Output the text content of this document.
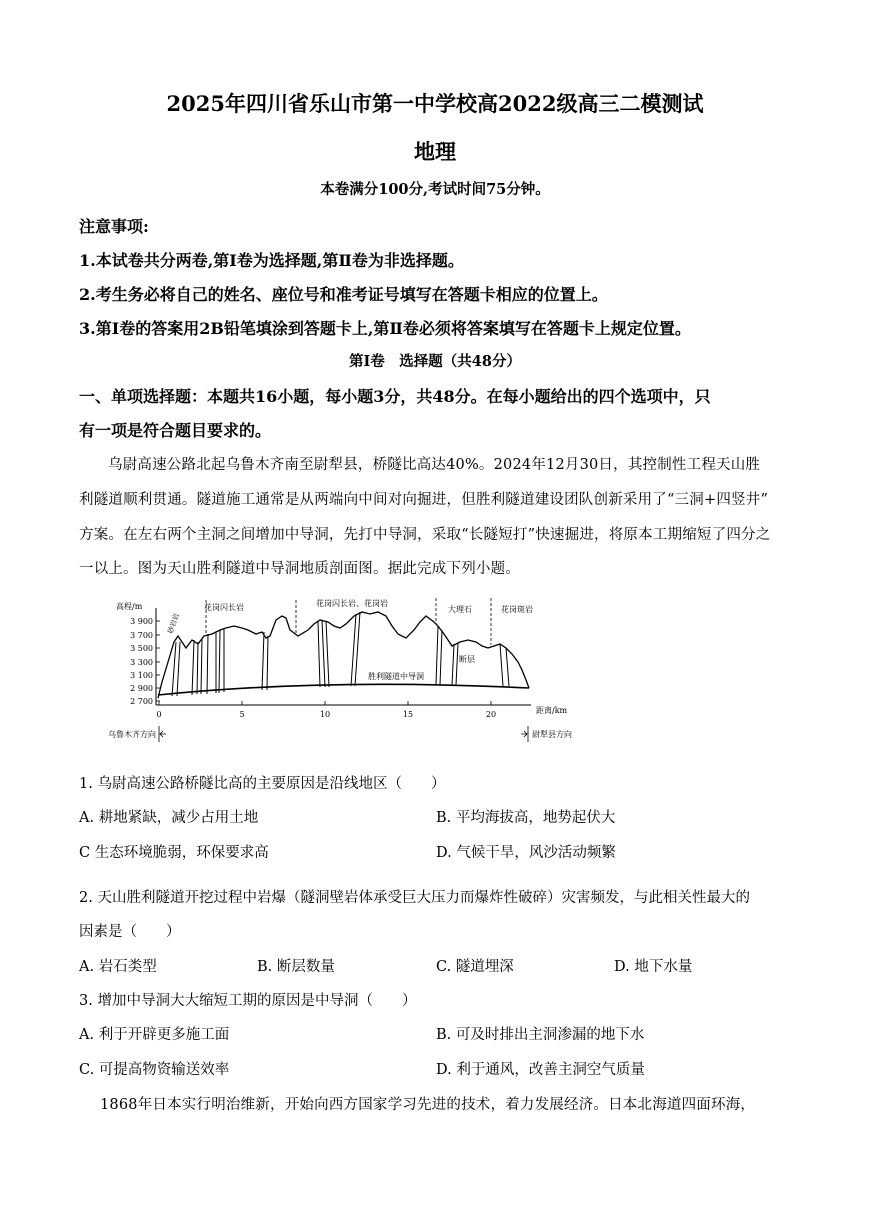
2025年四川省乐山市第一中学校高2022级高三二模测试
地理
本卷满分100分,考试时间75分钟。
注意事项:
1.本试卷共分两卷,第Ⅰ卷为选择题,第Ⅱ卷为非选择题。
2.考生务必将自己的姓名、座位号和准考证号填写在答题卡相应的位置上。
3.第Ⅰ卷的答案用2B铅笔填涂到答题卡上,第Ⅱ卷必须将答案填写在答题卡上规定位置。
第Ⅰ卷　选择题（共48分）
一、单项选择题：本题共16小题，每小题3分，共48分。在每小题给出的四个选项中，只
有一项是符合题目要求的。
乌尉高速公路北起乌鲁木齐南至尉犁县，桥隧比高达40%。2024年12月30日，其控制性工程天山胜
利隧道顺利贯通。隧道施工通常是从两端向中间对向掘进，但胜利隧道建设团队创新采用了“三洞+四竖井”
方案。在左右两个主洞之间增加中导洞，先打中导洞，采取“长隧短打”快速掘进，将原本工期缩短了四分之
一以上。图为天山胜利隧道中导洞地质剖面图。据此完成下列小题。
3 900
3 700
3 500
3 300
3 100
2 900
2 700
高程/m
0	5	10	15	20	距离/km
花岗闪长岩	花岗闪长岩、花岗岩
大理石	花岗斑岩
断层
胜利隧道中导洞
砂岩岩
乌鲁木齐方向	尉犁县方向
1. 乌尉高速公路桥隧比高的主要原因是沿线地区（　　）
A. 耕地紧缺，减少占用土地	B. 平均海拔高，地势起伏大
C 生态环境脆弱，环保要求高	D. 气候干旱，风沙活动频繁
2. 天山胜利隧道开挖过程中岩爆（隧洞壁岩体承受巨大压力而爆炸性破碎）灾害频发，与此相关性最大的
因素是（　　）
A. 岩石类型	B. 断层数量	C. 隧道埋深	D. 地下水量
3. 增加中导洞大大缩短工期的原因是中导洞（　　）
A. 利于开辟更多施工面	B. 可及时排出主洞渗漏的地下水
C. 可提高物资输送效率	D. 利于通风，改善主洞空气质量
1868年日本实行明治维新，开始向西方国家学习先进的技术，着力发展经济。日本北海道四面环海，
